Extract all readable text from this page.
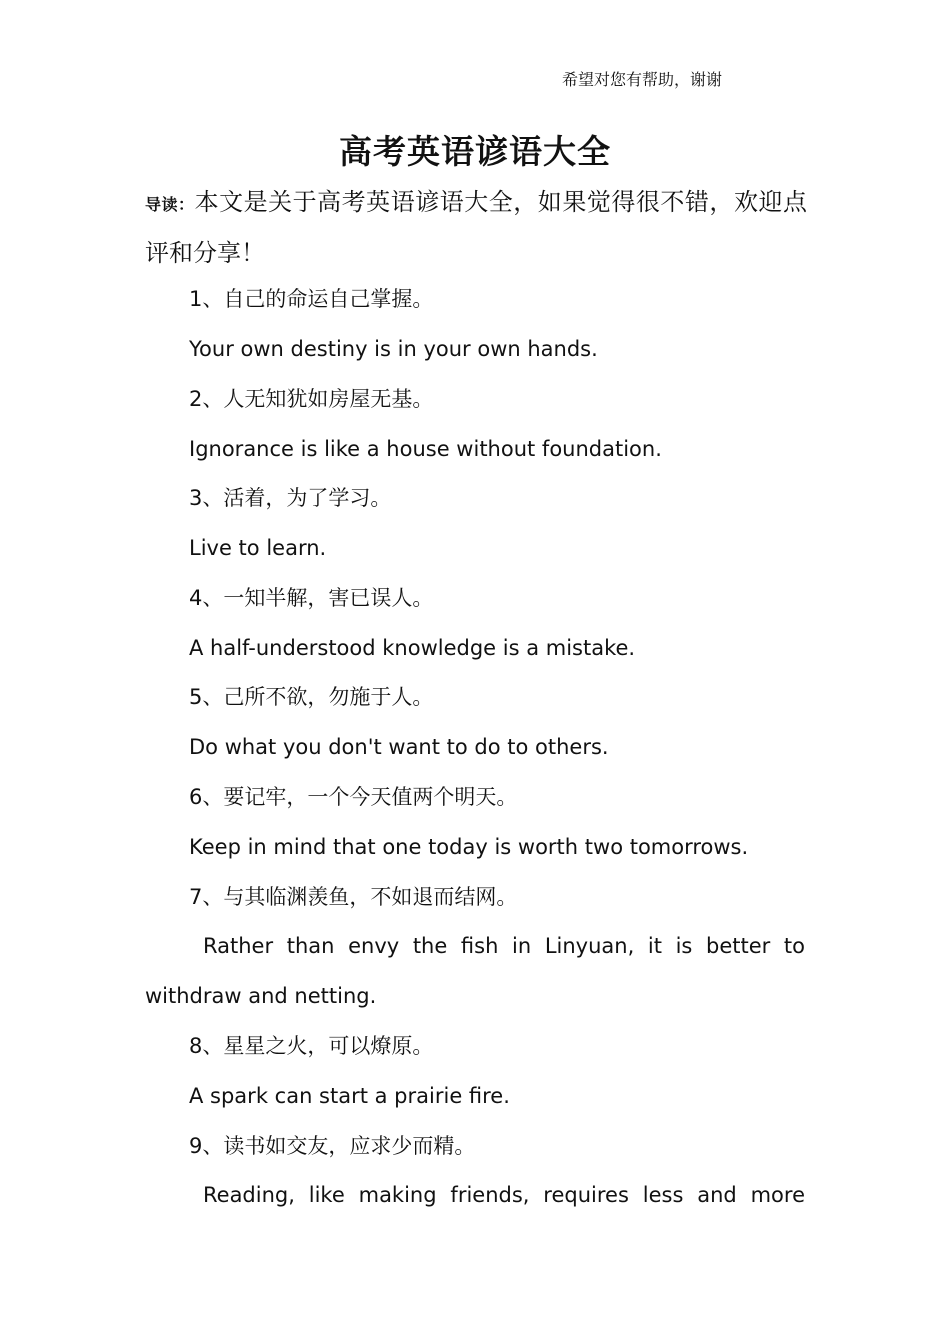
希望对您有帮助，谢谢
高考英语谚语大全

导读：本文是关于高考英语谚语大全，如果觉得很不错，欢迎点评和分享！

1、自己的命运自己掌握。

Your own destiny is in your own hands.

2、人无知犹如房屋无基。

Ignorance is like a house without foundation.

3、活着，为了学习。

Live to learn.

4、一知半解，害已误人。

A half-understood knowledge is a mistake.

5、己所不欲，勿施于人。

Do what you don't want to do to others.

6、要记牢，一个今天值两个明天。

Keep in mind that one today is worth two tomorrows.

7、与其临渊羡鱼，不如退而结网。

Rather than envy the fish in Linyuan, it is better to withdraw and netting.

8、星星之火，可以燎原。

A spark can start a prairie fire.

9、读书如交友，应求少而精。

Reading, like making friends, requires less and more
